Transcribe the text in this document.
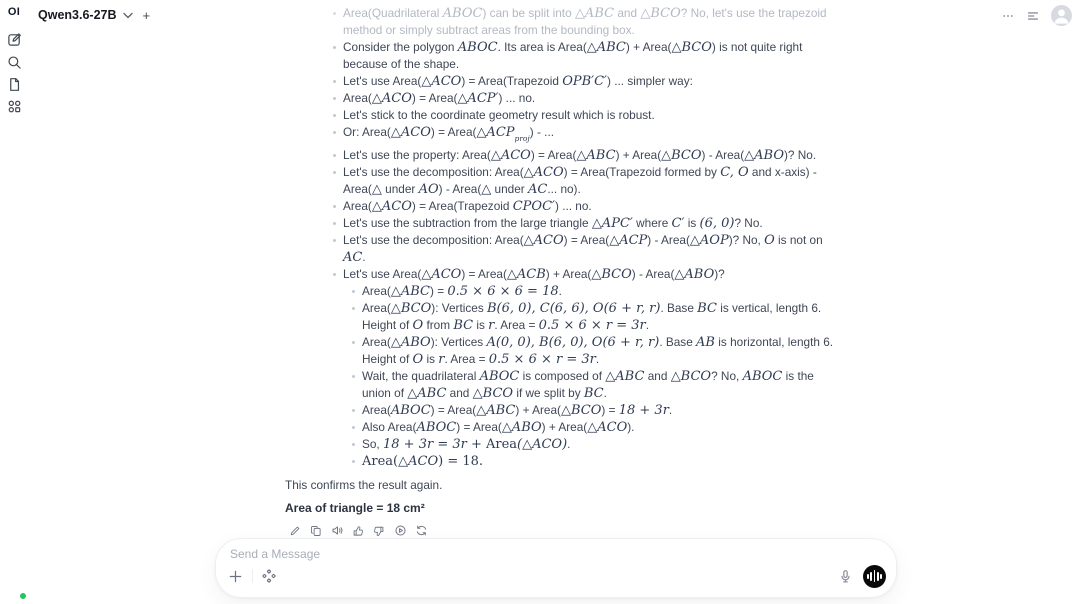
OI	Qwen3.6-27B +	Area(Quadrilateral ABOC) can be split into △ABC and △BCO? No, let's use the trapezoid method or simply subtract areas from the bounding box.
Consider the polygon ABOC. Its area is Area(△ABC) + Area(△BCO) is not quite right because of the shape.
Let's use Area(△ACO) = Area(Trapezoid OPB′C′) ... simpler way:
Area(△ACO) = Area(△ACP′) ... no.
Let's stick to the coordinate geometry result which is robust.
Or: Area(△ACO) = $Area(\triangle ACP_{proj})$ - ...
Let's use the property: Area(△ACO) = Area(△ABC) + Area(△BCO) - Area(△ABO)? No.
Let's use the decomposition: Area(△ACO) = Area(Trapezoid formed by C, O and x-axis) - Area(△ under AO) - Area(△ under AC... no).
Area(△ACO) = Area(Trapezoid CPOC′) ... no.
Let's use the subtraction from the large triangle △APC′ where C′ is (6, 0)? No.
Let's use the decomposition: Area(△ACO) = Area(△ACP) - Area(△AOP)? No, O is not on AC.
Let's use Area(△ACO) = Area(△ACB) + Area(△BCO) - Area(△ABO)?
Area(△ABC) = 0.5 × 6 × 6 = 18.
Area(△BCO): Vertices B(6, 0), C(6, 6), O(6 + r, r). Base BC is vertical, length 6. Height of O from BC is r. Area = 0.5 × 6 × r = 3r.
Area(△ABO): Vertices A(0, 0), B(6, 0), O(6 + r, r). Base AB is horizontal, length 6. Height of O is r. Area = 0.5 × 6 × r = 3r.
Wait, the quadrilateral ABOC is composed of △ABC and △BCO? No, ABOC is the union of △ABC and △BCO if we split by BC.
Area(ABOC) = Area(△ABC) + Area(△BCO) = 18 + 3r.
Also Area(ABOC) = Area(△ABO) + Area(△ACO).
So, 18 + 3r = 3r + Area(△ACO).
Area(△ACO) = 18.
This confirms the result again.
Area of triangle = 18 cm²
Send a Message
